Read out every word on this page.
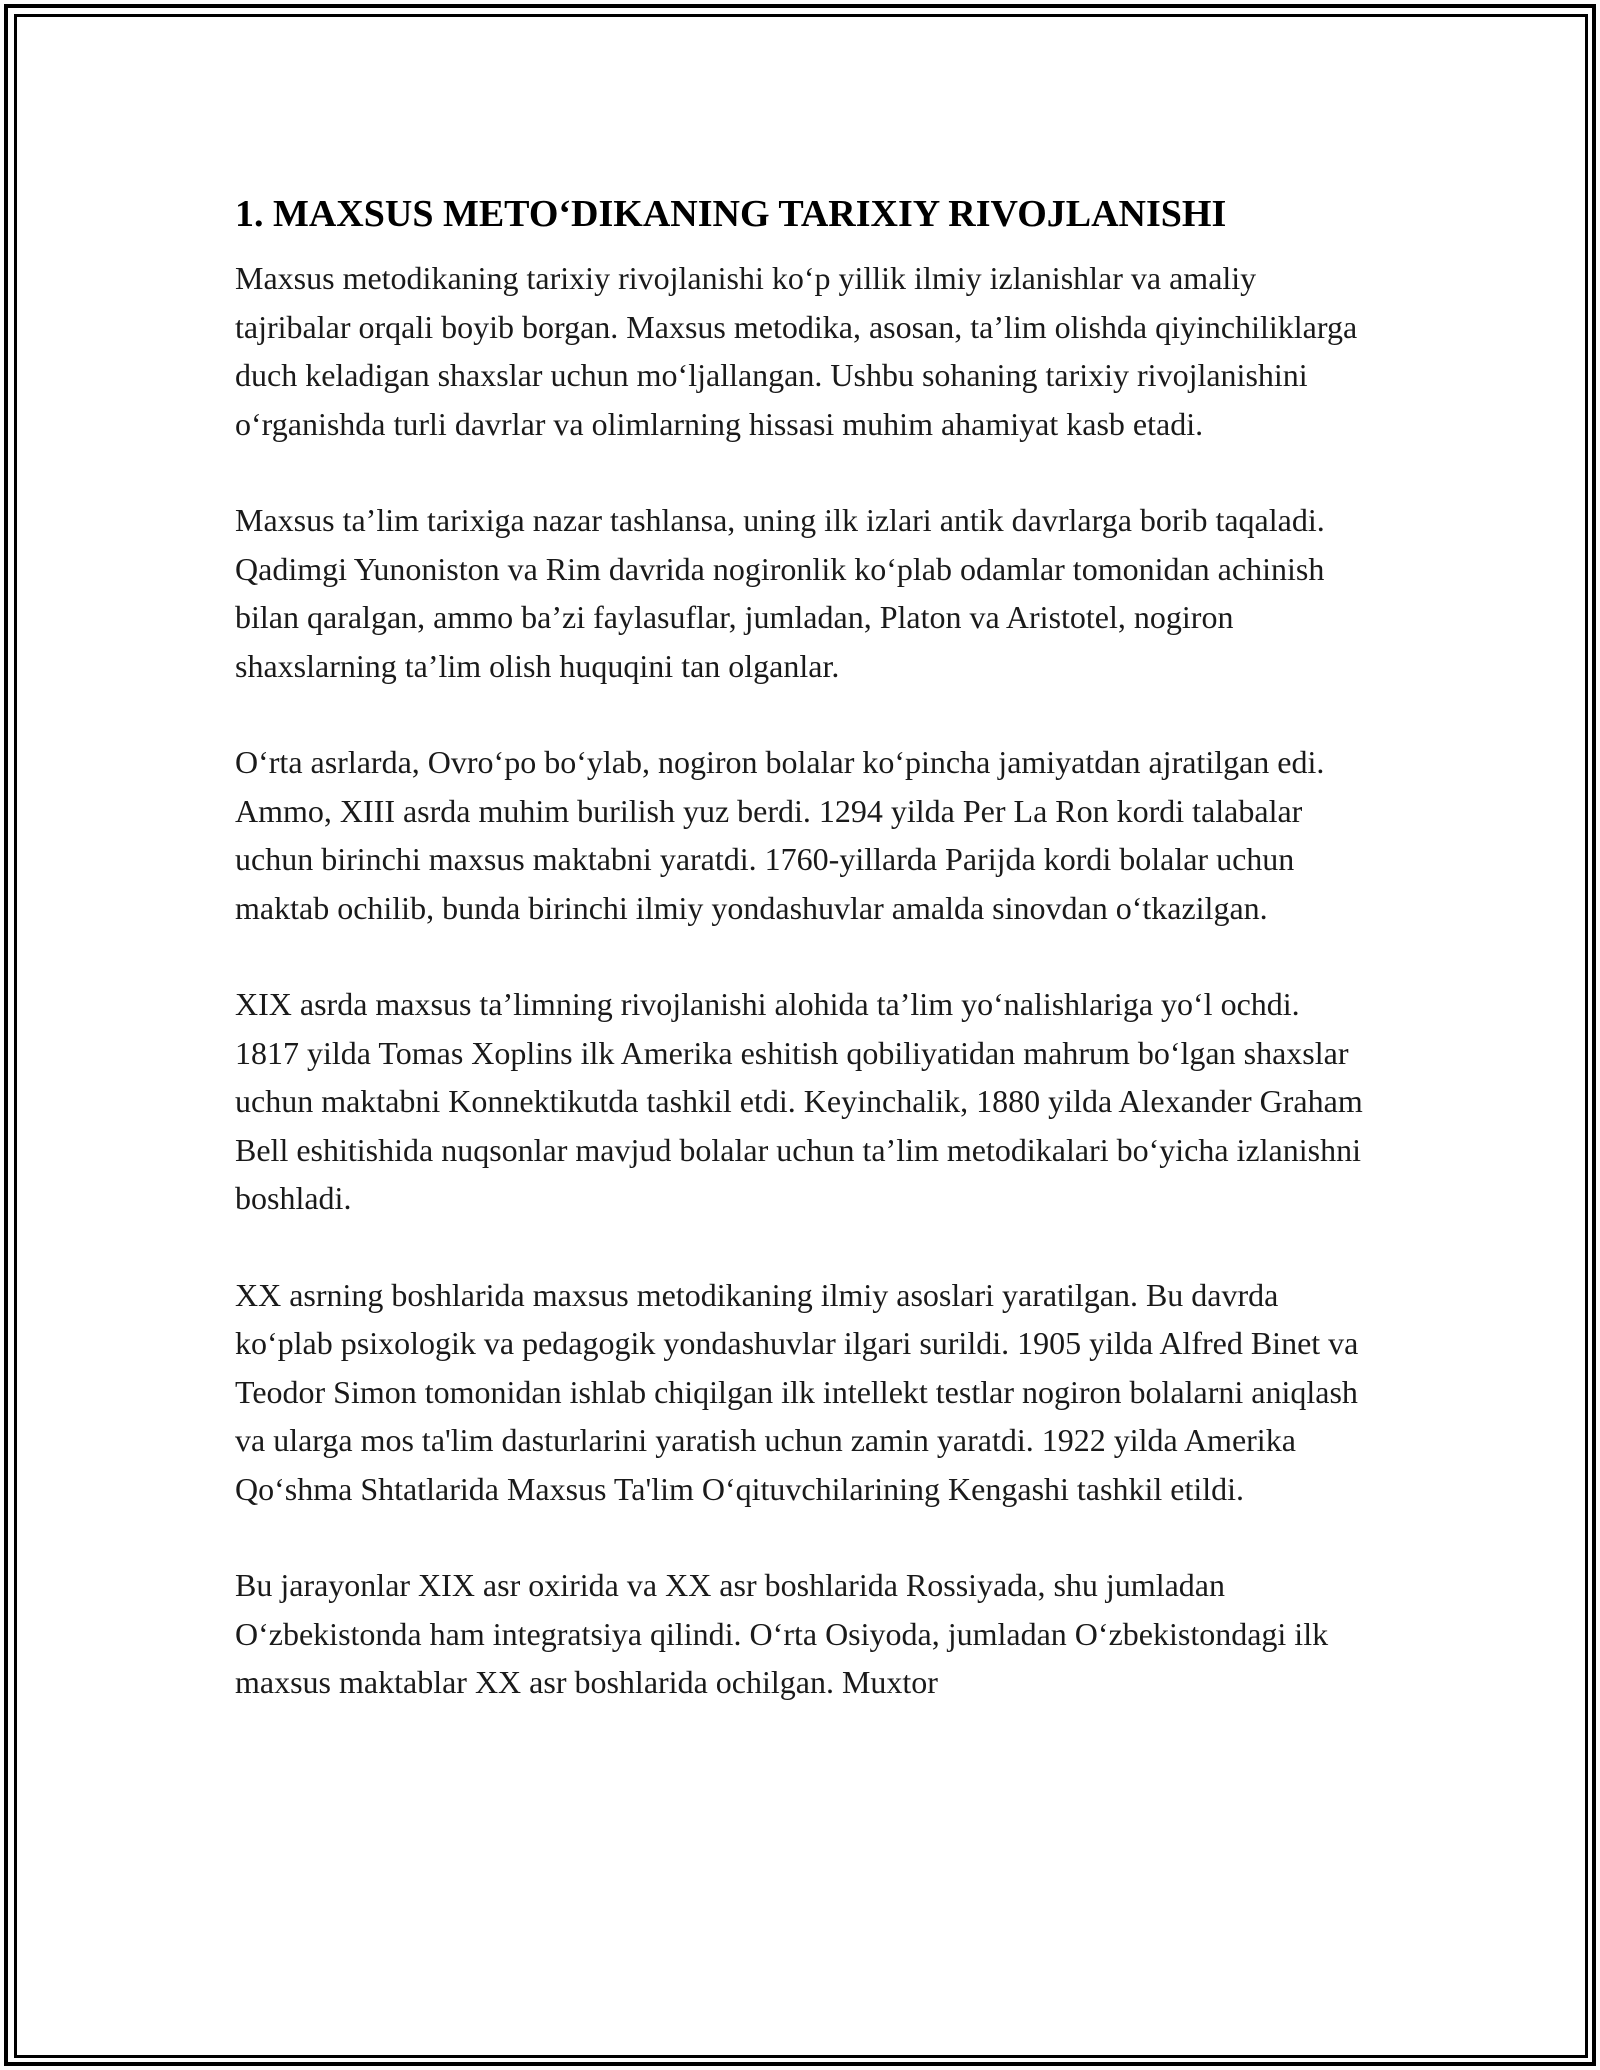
1. MAXSUS METO‘DIKANING TARIXIY RIVOJLANISHI

Maxsus metodikaning tarixiy rivojlanishi ko‘p yillik ilmiy izlanishlar va amaliy tajribalar orqali boyib borgan. Maxsus metodika, asosan, ta’lim olishda qiyinchiliklarga duch keladigan shaxslar uchun mo‘ljallangan. Ushbu sohaning tarixiy rivojlanishini o‘rganishda turli davrlar va olimlarning hissasi muhim ahamiyat kasb etadi.

Maxsus ta’lim tarixiga nazar tashlansa, uning ilk izlari antik davrlarga borib taqaladi. Qadimgi Yunoniston va Rim davrida nogironlik ko‘plab odamlar tomonidan achinish bilan qaralgan, ammo ba’zi faylasuflar, jumladan, Platon va Aristotel, nogiron shaxslarning ta’lim olish huquqini tan olganlar.

O‘rta asrlarda, Ovro‘po bo‘ylab, nogiron bolalar ko‘pincha jamiyatdan ajratilgan edi. Ammo, XIII asrda muhim burilish yuz berdi. 1294 yilda Per La Ron kordi talabalar uchun birinchi maxsus maktabni yaratdi. 1760-yillarda Parijda kordi bolalar uchun maktab ochilib, bunda birinchi ilmiy yondashuvlar amalda sinovdan o‘tkazilgan.

XIX asrda maxsus ta’limning rivojlanishi alohida ta’lim yo‘nalishlariga yo‘l ochdi. 1817 yilda Tomas Xoplins ilk Amerika eshitish qobiliyatidan mahrum bo‘lgan shaxslar uchun maktabni Konnektikutda tashkil etdi. Keyinchalik, 1880 yilda Alexander Graham Bell eshitishida nuqsonlar mavjud bolalar uchun ta’lim metodikalari bo‘yicha izlanishni boshladi.

XX asrning boshlarida maxsus metodikaning ilmiy asoslari yaratilgan. Bu davrda ko‘plab psixologik va pedagogik yondashuvlar ilgari surildi. 1905 yilda Alfred Binet va Teodor Simon tomonidan ishlab chiqilgan ilk intellekt testlar nogiron bolalarni aniqlash va ularga mos ta'lim dasturlarini yaratish uchun zamin yaratdi. 1922 yilda Amerika Qo‘shma Shtatlarida Maxsus Ta'lim O‘qituvchilarining Kengashi tashkil etildi.

Bu jarayonlar XIX asr oxirida va XX asr boshlarida Rossiyada, shu jumladan O‘zbekistonda ham integratsiya qilindi. O‘rta Osiyoda, jumladan O‘zbekistondagi ilk maxsus maktablar XX asr boshlarida ochilgan. Muxtor
